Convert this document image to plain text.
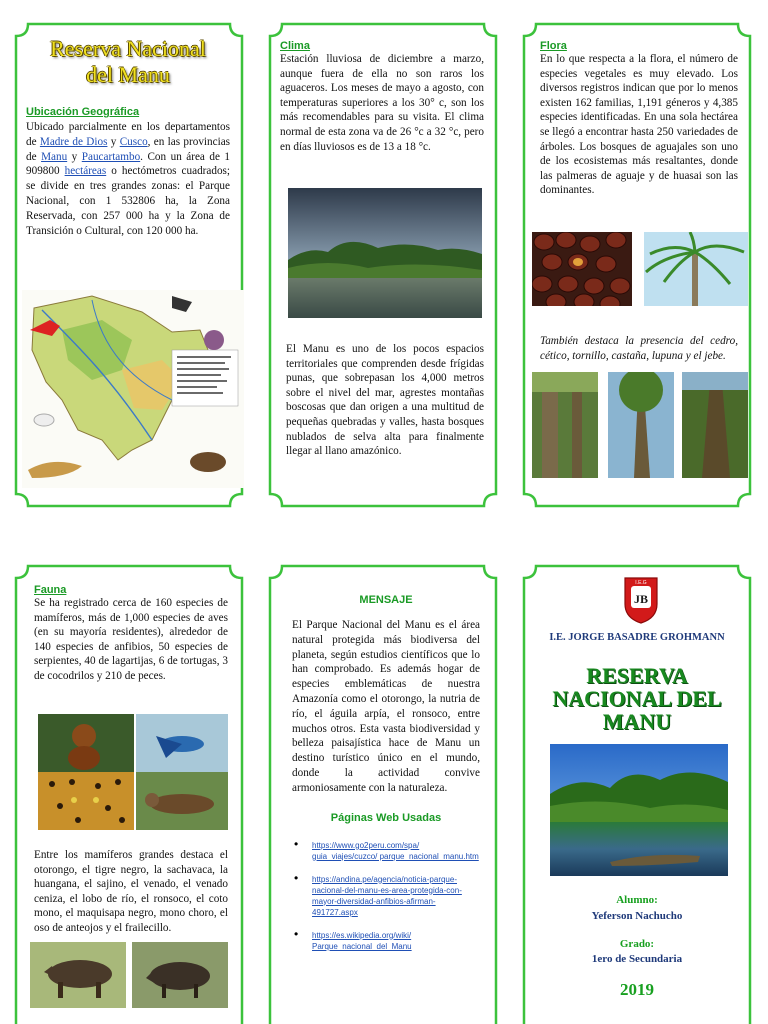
Reserva Nacional
del Manu
Ubicación Geográfica
Ubicado parcialmente en los departamentos de Madre de Dios y Cusco, en las provincias de Manu y Paucartambo. Con un área de 1 909800 hectáreas o hectómetros cuadrados; se divide en tres grandes zonas: el Parque Nacional, con 1 532806 ha, la Zona Reservada, con 257 000 ha y la Zona de Transición o Cultural, con 120 000 ha.
Clima
Estación lluviosa de diciembre a marzo, aunque fuera de ella no son raros los aguaceros. Los meses de mayo a agosto, con temperaturas superiores a los 30° c, son los más recomendables para su visita. El clima normal de esta zona va de 26 °c a 32 °c, pero en días lluviosos es de 13 a 18 °c.
El Manu es uno de los pocos espacios territoriales que comprenden desde frígidas punas, que sobrepasan los 4,000 metros sobre el nivel del mar, agrestes montañas boscosas que dan origen a una multitud de pequeñas quebradas y valles, hasta bosques nublados de selva alta para finalmente llegar al llano amazónico.
Flora
En lo que respecta a la flora, el número de especies vegetales es muy elevado. Los diversos registros indican que por lo menos existen 162 familias, 1,191 géneros y 4,385 especies identificadas. En una sola hectárea se llegó a encontrar hasta 250 variedades de árboles. Los bosques de aguajales son uno de los ecosistemas más resaltantes, donde las palmeras de aguaje y de huasai son las dominantes.
También destaca la presencia del cedro, cético, tornillo, castaña, lupuna y el jebe.
Fauna
Se ha registrado cerca de 160 especies de mamíferos, más de 1,000 especies de aves (en su mayoría residentes), alrededor de 140 especies de anfibios, 50 especies de serpientes, 40 de lagartijas, 6 de tortugas, 3 de cocodrilos y 210 de peces.
Entre los mamíferos grandes destaca el otorongo, el tigre negro, la sachavaca, la huangana, el sajino, el venado, el venado ceniza, el lobo de río, el ronsoco, el coto mono, el maquisapa negro, mono choro, el oso de anteojos y el frailecillo.
MENSAJE
El Parque Nacional del Manu es el área natural protegida más biodiversa del planeta, según estudios científicos que lo han comprobado. Es además hogar de especies emblemáticas de nuestra Amazonía como el otorongo, la nutria de río, el águila arpía, el ronsoco, entre muchos otros. Esta vasta biodiversidad y belleza paisajística hace de Manu un destino turístico único en el mundo, donde la actividad convive armoniosamente con la naturaleza.
Páginas Web Usadas
• https://www.go2peru.com/spa/ guia_viajes/cuzco/ parque_nacional_manu.htm
• https://andina.pe/agencia/noticia-parque-nacional-del-manu-es-area-protegida-con-mayor-diversidad-anfibios-afirman-491727.aspx
• https://es.wikipedia.org/wiki/ Parque_nacional_del_Manu
JB
I.E.G
I.E. JORGE BASADRE GROHMANN
RESERVA
NACIONAL DEL
MANU
Alumno:
Yeferson Nachucho
Grado:
1ero de Secundaria
2019
